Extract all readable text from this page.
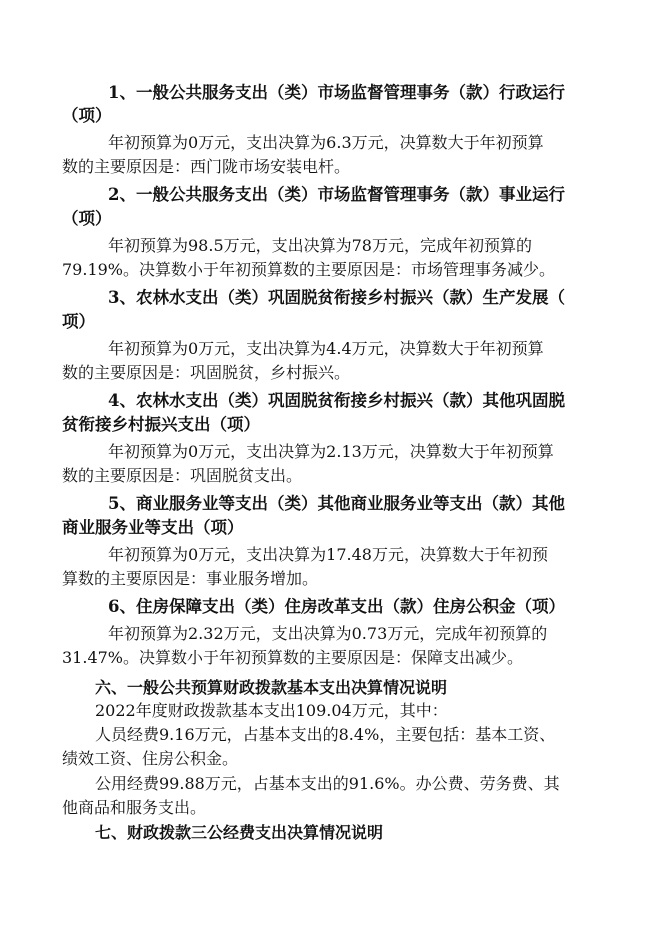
1、一般公共服务支出（类）市场监督管理事务（款）行政运行
（项）
年初预算为0万元，支出决算为6.3万元，决算数大于年初预算
数的主要原因是：西门陇市场安装电杆。
2、一般公共服务支出（类）市场监督管理事务（款）事业运行
（项）
年初预算为98.5万元，支出决算为78万元，完成年初预算的
79.19%。决算数小于年初预算数的主要原因是：市场管理事务减少。
3、农林水支出（类）巩固脱贫衔接乡村振兴（款）生产发展（
项）
年初预算为0万元，支出决算为4.4万元，决算数大于年初预算
数的主要原因是：巩固脱贫，乡村振兴。
4、农林水支出（类）巩固脱贫衔接乡村振兴（款）其他巩固脱
贫衔接乡村振兴支出（项）
年初预算为0万元，支出决算为2.13万元，决算数大于年初预算
数的主要原因是：巩固脱贫支出。
5、商业服务业等支出（类）其他商业服务业等支出（款）其他
商业服务业等支出（项）
年初预算为0万元，支出决算为17.48万元，决算数大于年初预
算数的主要原因是：事业服务增加。
6、住房保障支出（类）住房改革支出（款）住房公积金（项）
年初预算为2.32万元，支出决算为0.73万元，完成年初预算的
31.47%。决算数小于年初预算数的主要原因是：保障支出减少。
六、一般公共预算财政拨款基本支出决算情况说明
2022年度财政拨款基本支出109.04万元，其中：
人员经费9.16万元，占基本支出的8.4%，主要包括：基本工资、
绩效工资、住房公积金。
公用经费99.88万元，占基本支出的91.6%。办公费、劳务费、其
他商品和服务支出。
七、财政拨款三公经费支出决算情况说明
